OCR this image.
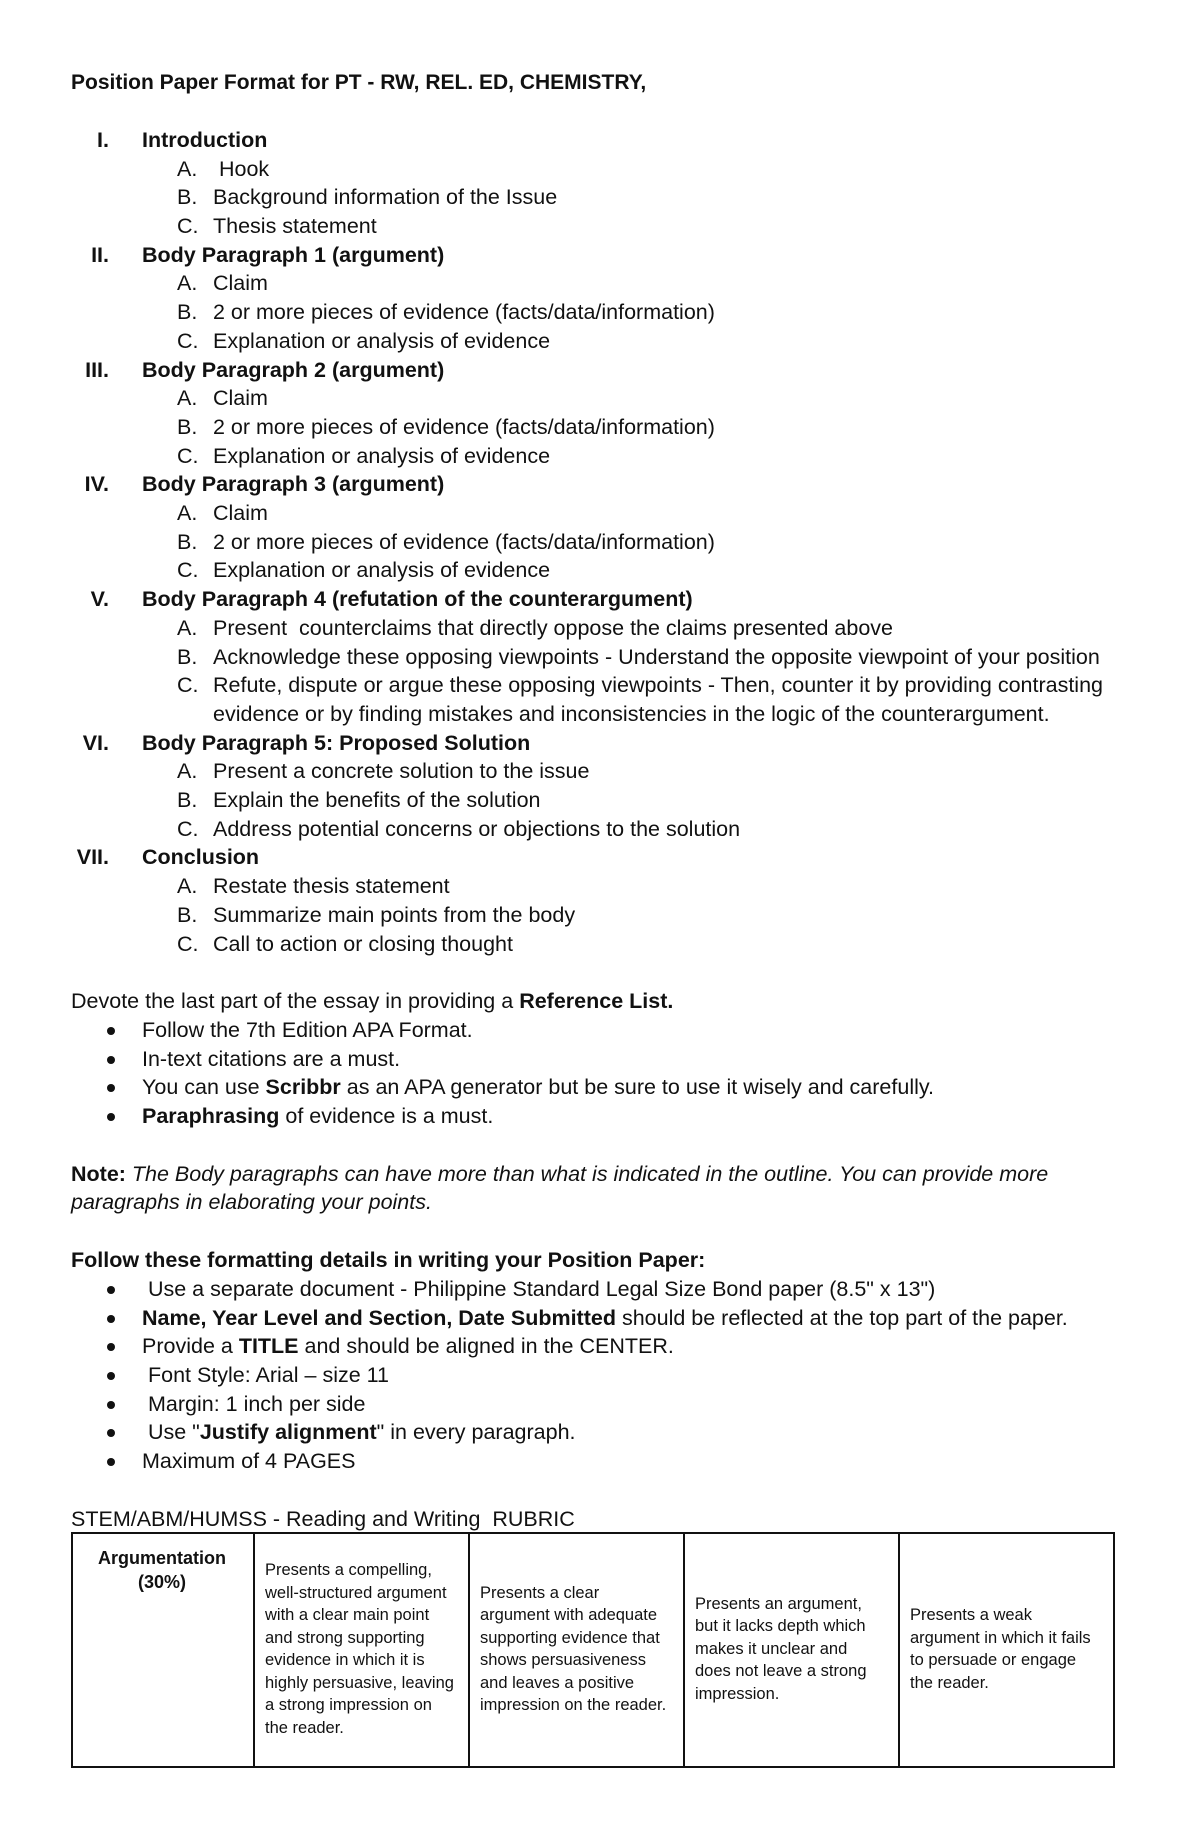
Position Paper Format for PT - RW, REL. ED, CHEMISTRY,
I. Introduction
A. Hook
B. Background information of the Issue
C. Thesis statement
II. Body Paragraph 1 (argument)
A. Claim
B. 2 or more pieces of evidence (facts/data/information)
C. Explanation or analysis of evidence
III. Body Paragraph 2 (argument)
A. Claim
B. 2 or more pieces of evidence (facts/data/information)
C. Explanation or analysis of evidence
IV. Body Paragraph 3 (argument)
A. Claim
B. 2 or more pieces of evidence (facts/data/information)
C. Explanation or analysis of evidence
V. Body Paragraph 4 (refutation of the counterargument)
A. Present  counterclaims that directly oppose the claims presented above
B. Acknowledge these opposing viewpoints - Understand the opposite viewpoint of your position
C. Refute, dispute or argue these opposing viewpoints - Then, counter it by providing contrasting evidence or by finding mistakes and inconsistencies in the logic of the counterargument.
VI. Body Paragraph 5: Proposed Solution
A. Present a concrete solution to the issue
B. Explain the benefits of the solution
C. Address potential concerns or objections to the solution
VII. Conclusion
A. Restate thesis statement
B. Summarize main points from the body
C. Call to action or closing thought
Devote the last part of the essay in providing a Reference List.
Follow the 7th Edition APA Format.
In-text citations are a must.
You can use Scribbr as an APA generator but be sure to use it wisely and carefully.
Paraphrasing of evidence is a must.
Note: The Body paragraphs can have more than what is indicated in the outline. You can provide more paragraphs in elaborating your points.
Follow these formatting details in writing your Position Paper:
Use a separate document - Philippine Standard Legal Size Bond paper (8.5" x 13")
Name, Year Level and Section, Date Submitted should be reflected at the top part of the paper.
Provide a TITLE and should be aligned in the CENTER.
Font Style: Arial – size 11
Margin: 1 inch per side
Use "Justify alignment" in every paragraph.
Maximum of 4 PAGES
STEM/ABM/HUMSS - Reading and Writing  RUBRIC
Argumentation (30%)	Presents a compelling, well-structured argument with a clear main point and strong supporting evidence in which it is highly persuasive, leaving a strong impression on the reader.	Presents a clear argument with adequate supporting evidence that shows persuasiveness and leaves a positive impression on the reader.	Presents an argument, but it lacks depth which makes it unclear and does not leave a strong impression.	Presents a weak argument in which it fails to persuade or engage the reader.
